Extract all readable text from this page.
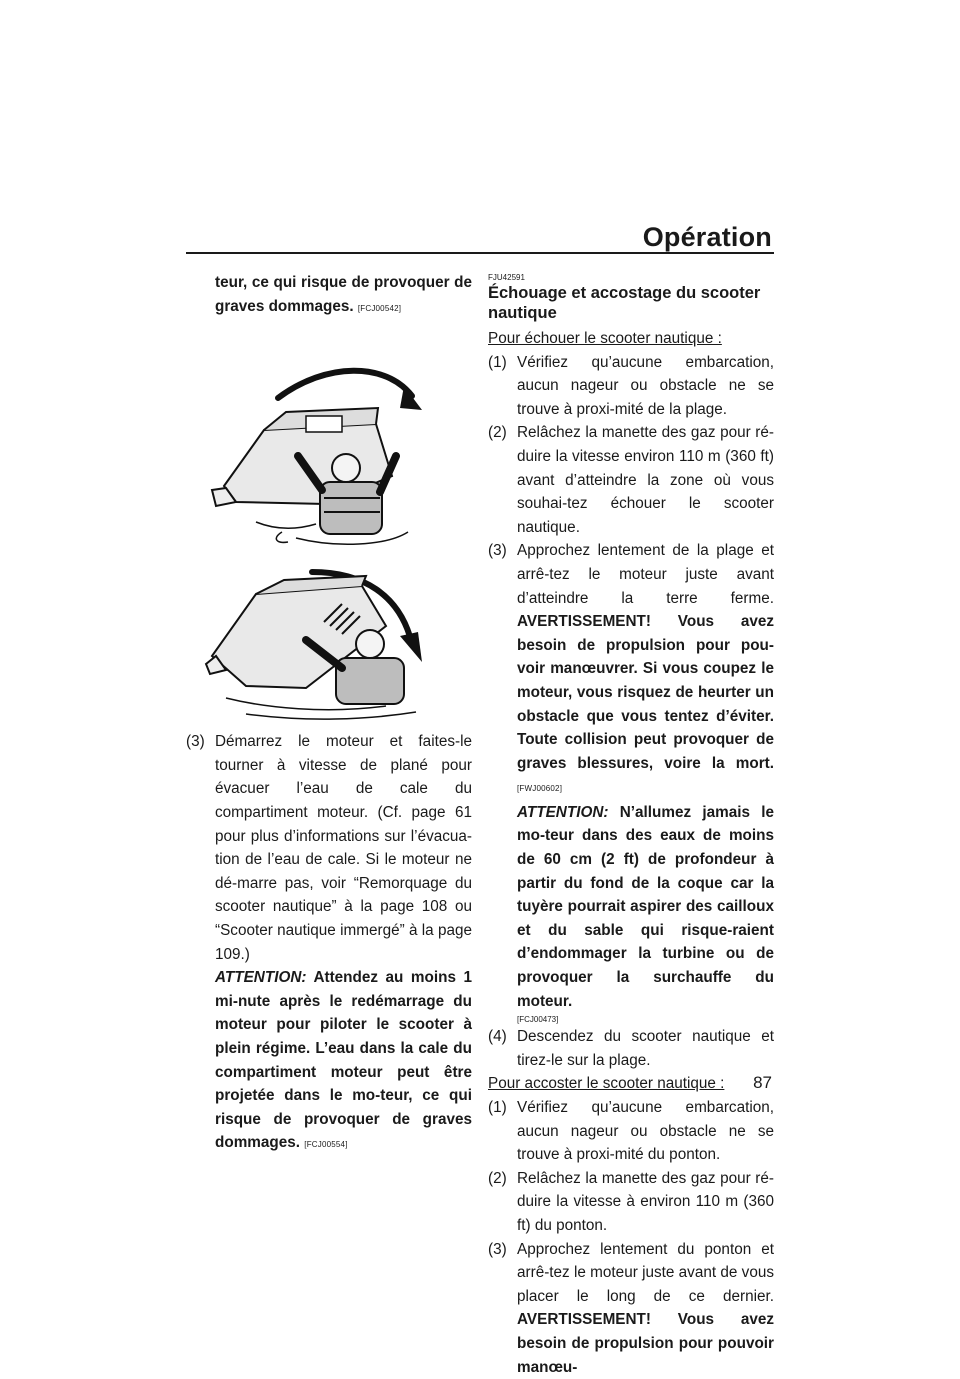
Opération

teur, ce qui risque de provoquer de graves dommages. [FCJ00542]

(3) Démarrez le moteur et faites-le tourner à vitesse de plané pour évacuer l’eau de cale du compartiment moteur. (Cf. page 61 pour plus d’informations sur l’évacua-tion de l’eau de cale. Si le moteur ne dé-marre pas, voir “Remorquage du scooter nautique” à la page 108 ou “Scooter nautique immergé” à la page 109.)

ATTENTION: Attendez au moins 1 mi-nute après le redémarrage du moteur pour piloter le scooter à plein régime. L’eau dans la cale du compartiment moteur peut être projetée dans le mo-teur, ce qui risque de provoquer de graves dommages. [FCJ00554]

FJU42591

Échouage et accostage du scooter nautique

Pour échouer le scooter nautique :

(1) Vérifiez qu’aucune embarcation, aucun nageur ou obstacle ne se trouve à proxi-mité de la plage.

(2) Relâchez la manette des gaz pour ré-duire la vitesse environ 110 m (360 ft) avant d’atteindre la zone où vous souhai-tez échouer le scooter nautique.

(3) Approchez lentement de la plage et arrê-tez le moteur juste avant d’atteindre la terre ferme. AVERTISSEMENT! Vous avez besoin de propulsion pour pou-voir manœuvrer. Si vous coupez le moteur, vous risquez de heurter un obstacle que vous tentez d’éviter. Toute collision peut provoquer de graves blessures, voire la mort. [FWJ00602]

ATTENTION: N’allumez jamais le mo-teur dans des eaux de moins de 60 cm (2 ft) de profondeur à partir du fond de la coque car la tuyère pourrait aspirer des cailloux et du sable qui risque-raient d’endommager la turbine ou de provoquer la surchauffe du moteur.

[FCJ00473]
(4) Descendez du scooter nautique et tirez-le sur la plage.

Pour accoster le scooter nautique :

(1) Vérifiez qu’aucune embarcation, aucun nageur ou obstacle ne se trouve à proxi-mité du ponton.

(2) Relâchez la manette des gaz pour ré-duire la vitesse à environ 110 m (360 ft) du ponton.

(3) Approchez lentement du ponton et arrê-tez le moteur juste avant de vous placer le long de ce dernier.

AVERTISSEMENT! Vous avez besoin de propulsion pour pouvoir manœu-

87
